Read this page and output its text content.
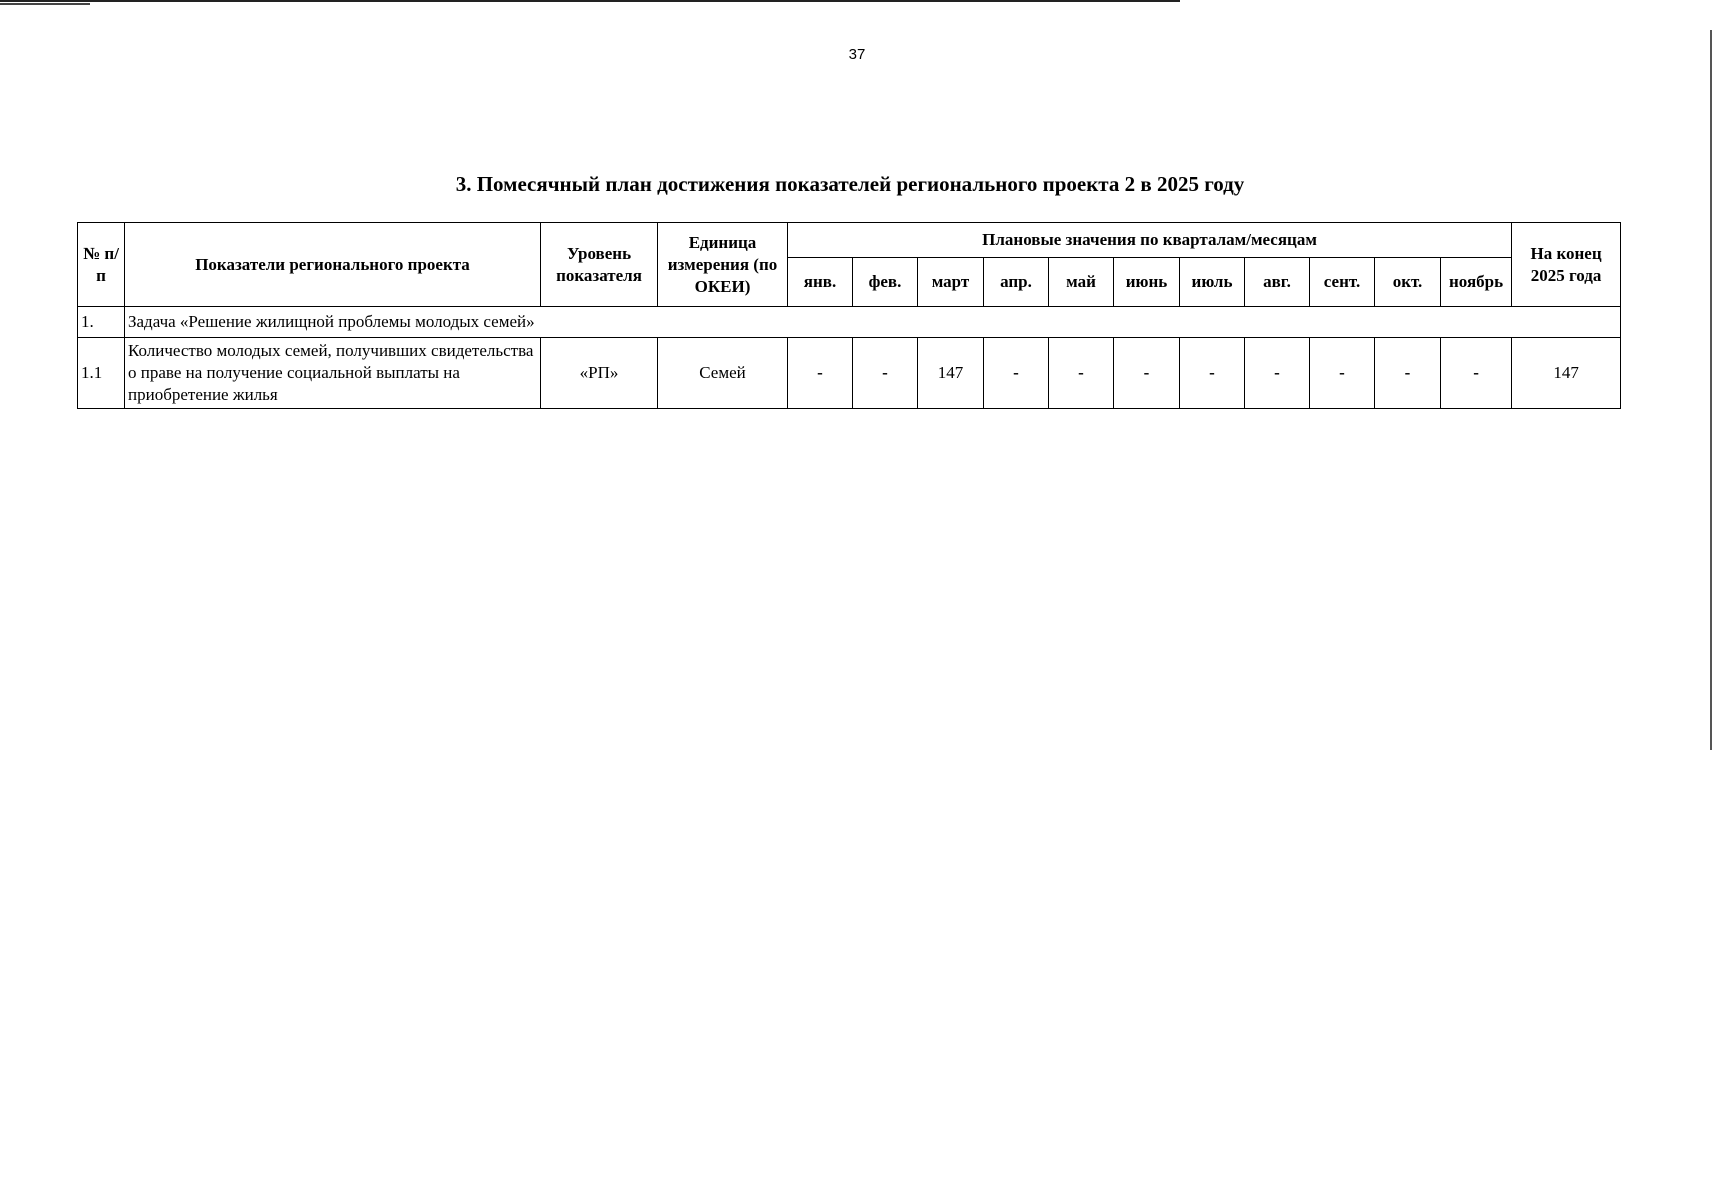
37
3. Помесячный план достижения показателей регионального проекта 2 в 2025 году
№ п/п	Показатели регионального проекта	Уровень показателя	Единица измерения (по ОКЕИ)	Плановые значения по кварталам/месяцам											На конец 2025 года
				янв.	фев.	март	апр.	май	июнь	июль	авг.	сент.	окт.	ноябрь	
1.	Задача «Решение жилищной проблемы молодых семей»														
1.1	Количество молодых семей, получивших свидетельства о праве на получение социальной выплаты на приобретение жилья	«РП»	Семей	-	-	147	-	-	-	-	-	-	-	-	147
